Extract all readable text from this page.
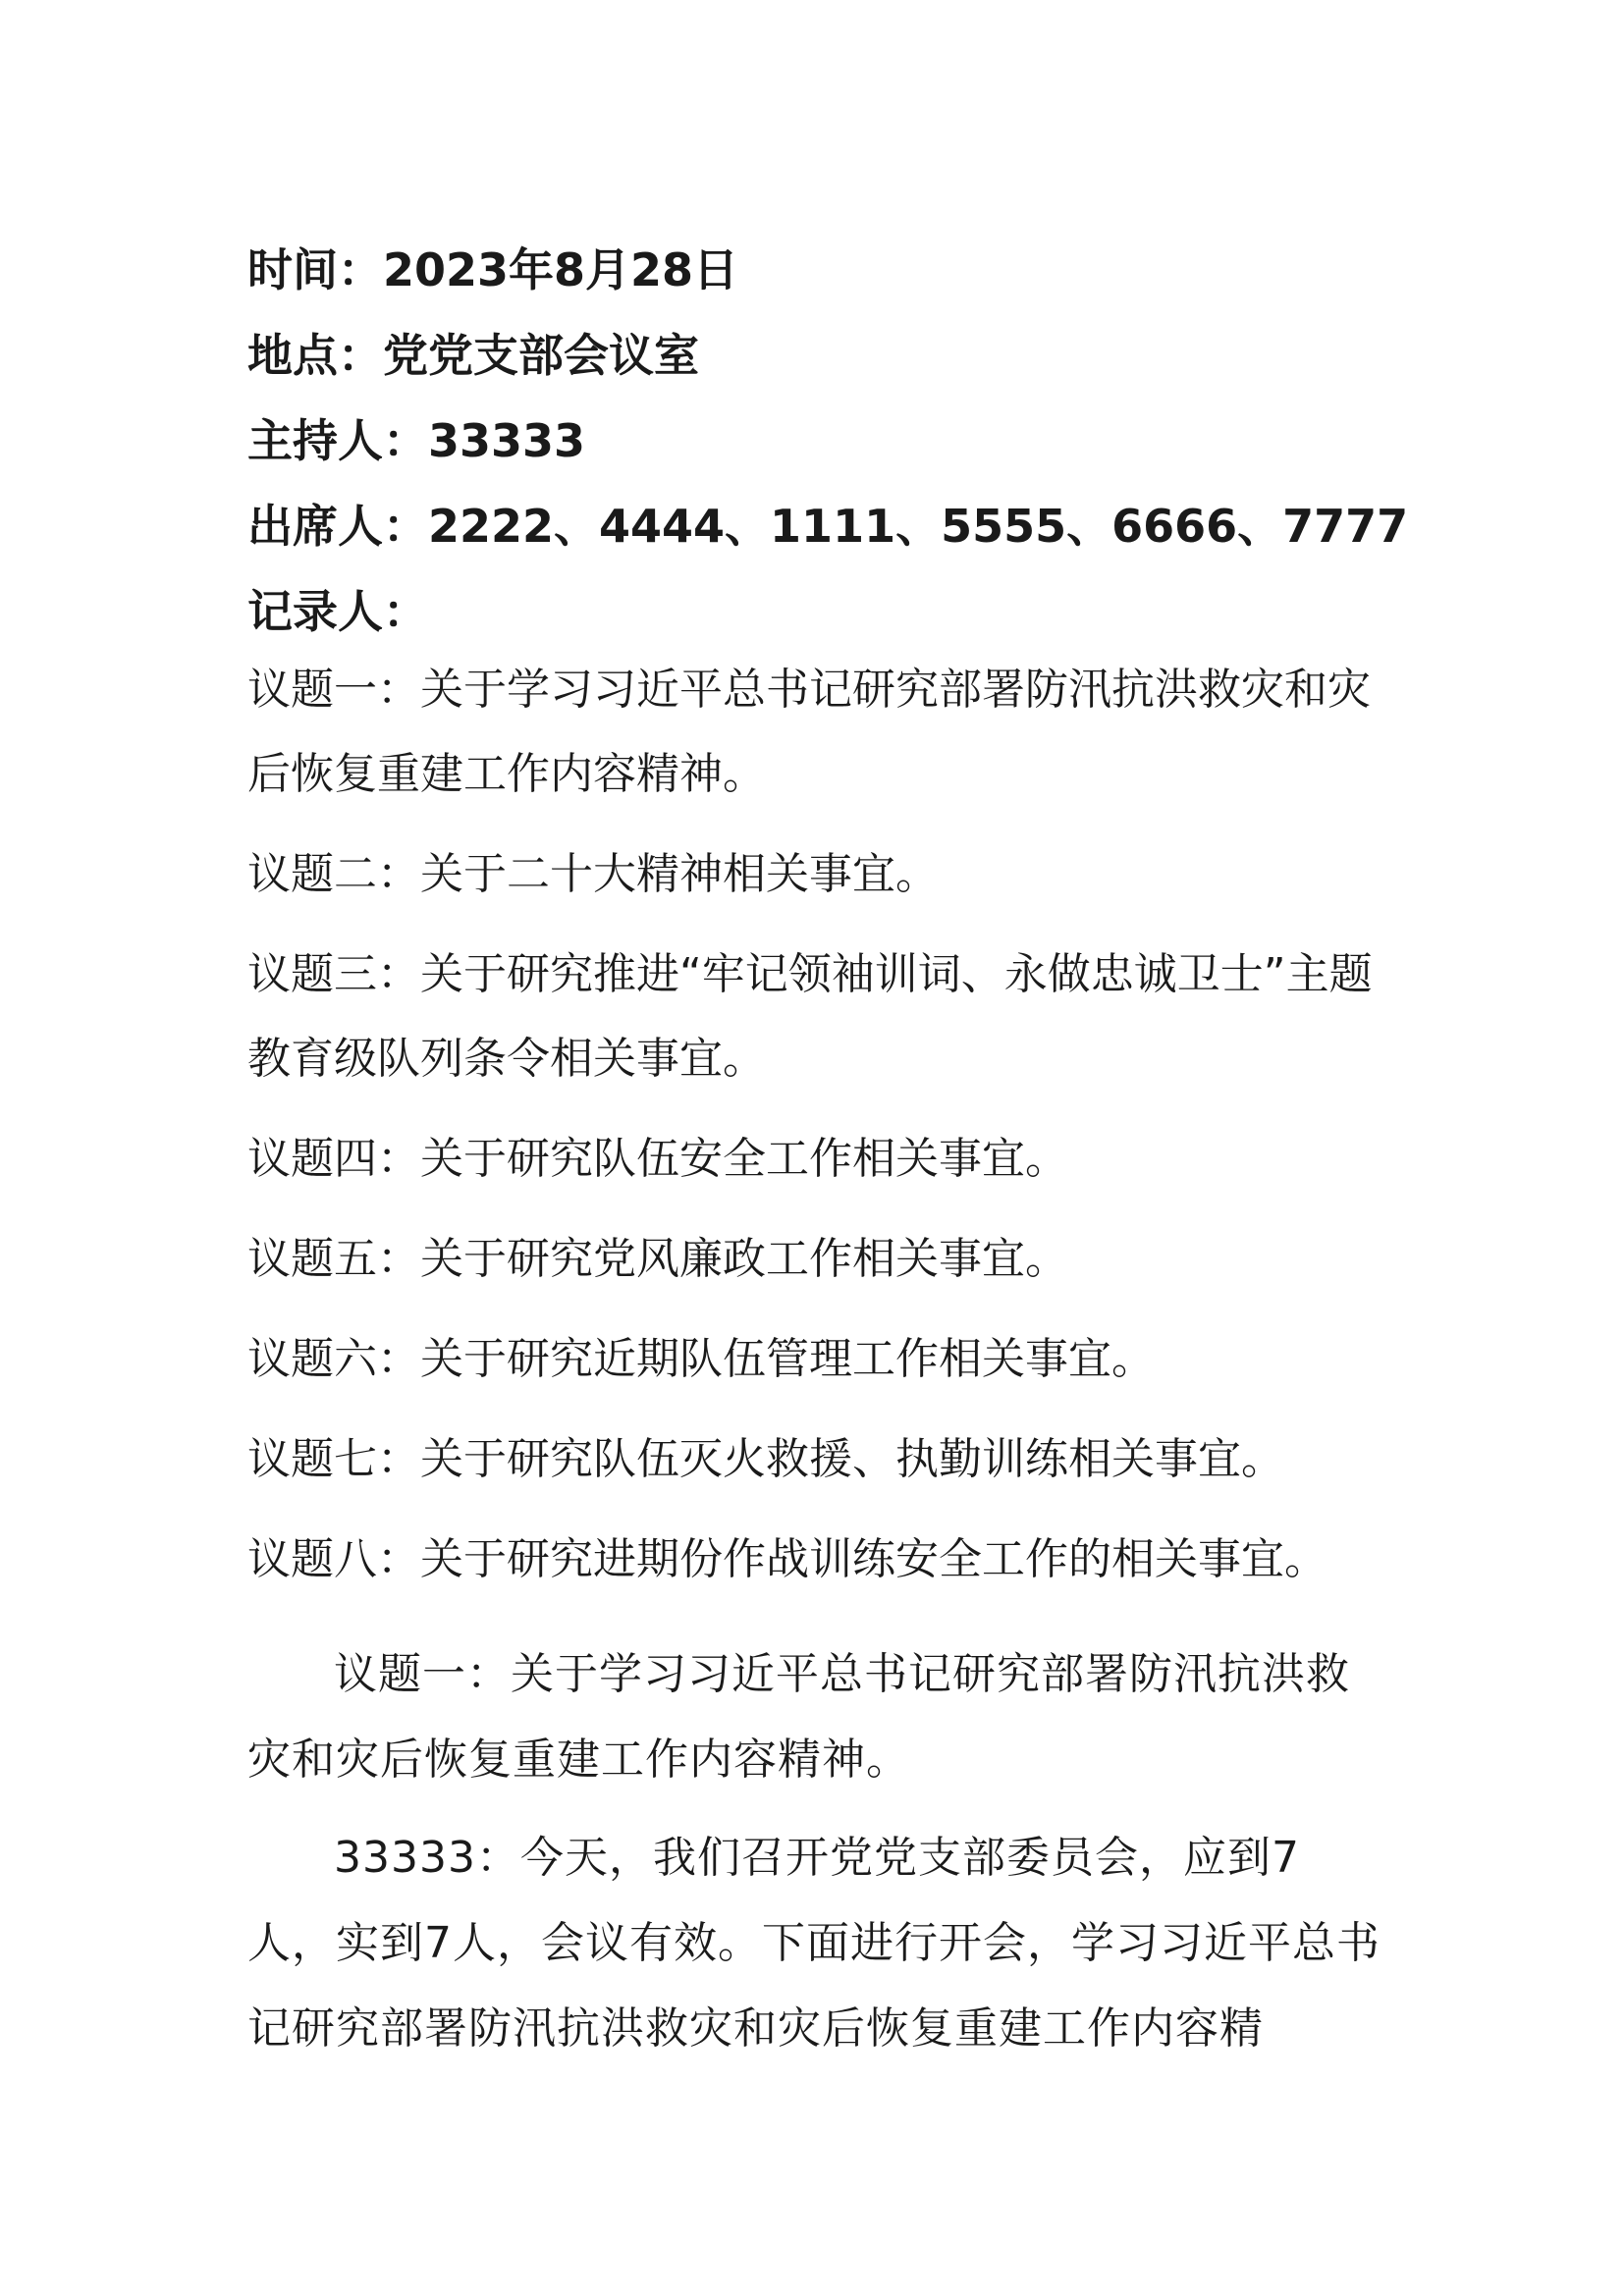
时间：2023年8月28日
地点：党党支部会议室
主持人：33333
出席人：2222、4444、1111、5555、6666、7777
记录人：
议题一：关于学习习近平总书记研究部署防汛抗洪救灾和灾后恢复重建工作内容精神。
议题二：关于二十大精神相关事宜。
议题三：关于研究推进“牢记领袖训词、永做忠诚卫士”主题教育级队列条令相关事宜。
议题四：关于研究队伍安全工作相关事宜。
议题五：关于研究党风廉政工作相关事宜。
议题六：关于研究近期队伍管理工作相关事宜。
议题七：关于研究队伍灭火救援、执勤训练相关事宜。
议题八：关于研究进期份作战训练安全工作的相关事宜。
议题一：关于学习习近平总书记研究部署防汛抗洪救灾和灾后恢复重建工作内容精神。
33333：今天，我们召开党党支部委员会，应到7人，实到7人，会议有效。下面进行开会，学习习近平总书记研究部署防汛抗洪救灾和灾后恢复重建工作内容精
